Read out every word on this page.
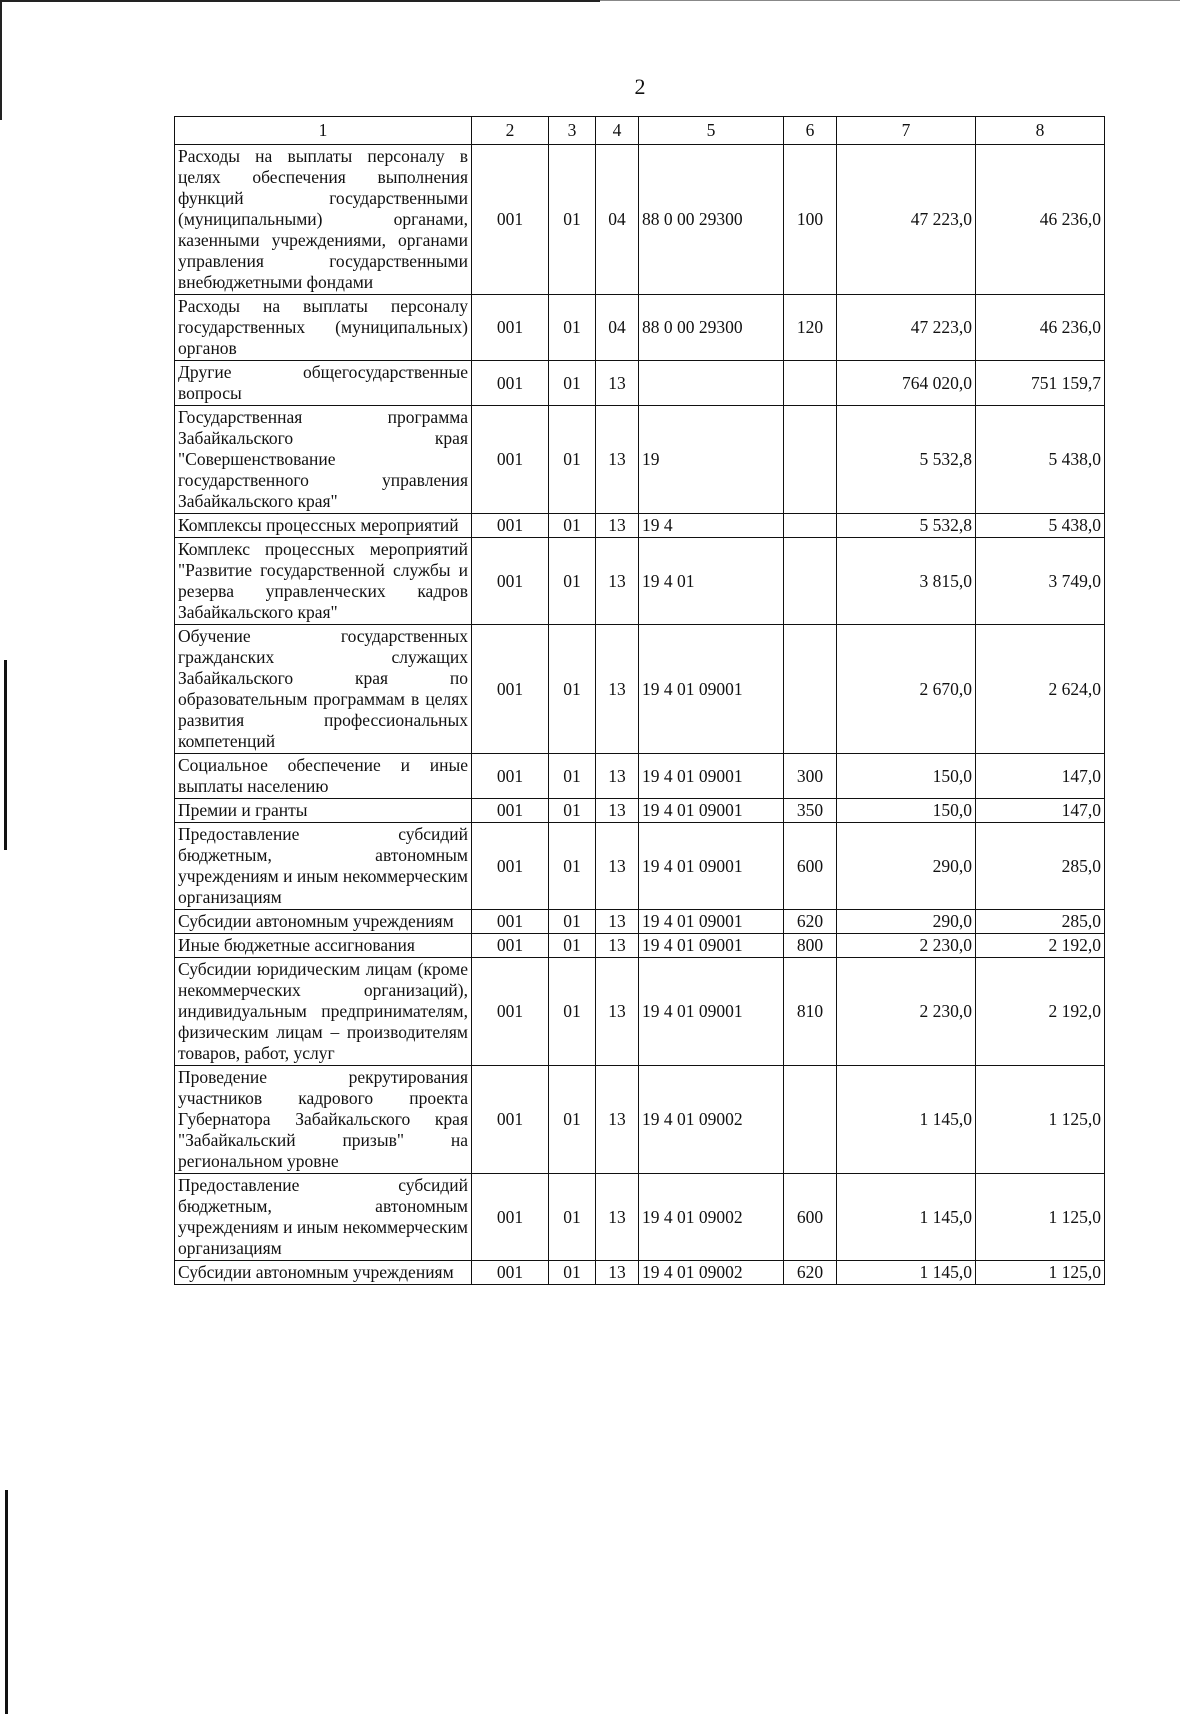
2
1	2	3	4	5	6	7	8
Расходы на выплаты персоналу в целях обеспечения выполнения функций государственными (муниципальными) органами, казенными учреждениями, органами управления государственными внебюджетными фондами	001	01	04	88 0 00 29300	100	47 223,0	46 236,0
Расходы на выплаты персоналу государственных (муниципальных) органов	001	01	04	88 0 00 29300	120	47 223,0	46 236,0
Другие общегосударственные вопросы	001	01	13			764 020,0	751 159,7
Государственная программа Забайкальского края "Совершенствование государственного управления Забайкальского края"	001	01	13	19		5 532,8	5 438,0
Комплексы процессных мероприятий	001	01	13	19 4		5 532,8	5 438,0
Комплекс процессных мероприятий "Развитие государственной службы и резерва управленческих кадров Забайкальского края"	001	01	13	19 4 01		3 815,0	3 749,0
Обучение государственных гражданских служащих Забайкальского края по образовательным программам в целях развития профессиональных компетенций	001	01	13	19 4 01 09001		2 670,0	2 624,0
Социальное обеспечение и иные выплаты населению	001	01	13	19 4 01 09001	300	150,0	147,0
Премии и гранты	001	01	13	19 4 01 09001	350	150,0	147,0
Предоставление субсидий бюджетным, автономным учреждениям и иным некоммерческим организациям	001	01	13	19 4 01 09001	600	290,0	285,0
Субсидии автономным учреждениям	001	01	13	19 4 01 09001	620	290,0	285,0
Иные бюджетные ассигнования	001	01	13	19 4 01 09001	800	2 230,0	2 192,0
Субсидии юридическим лицам (кроме некоммерческих организаций), индивидуальным предпринимателям, физическим лицам – производителям товаров, работ, услуг	001	01	13	19 4 01 09001	810	2 230,0	2 192,0
Проведение рекрутирования участников кадрового проекта Губернатора Забайкальского края "Забайкальский призыв" на региональном уровне	001	01	13	19 4 01 09002		1 145,0	1 125,0
Предоставление субсидий бюджетным, автономным учреждениям и иным некоммерческим организациям	001	01	13	19 4 01 09002	600	1 145,0	1 125,0
Субсидии автономным учреждениям	001	01	13	19 4 01 09002	620	1 145,0	1 125,0
